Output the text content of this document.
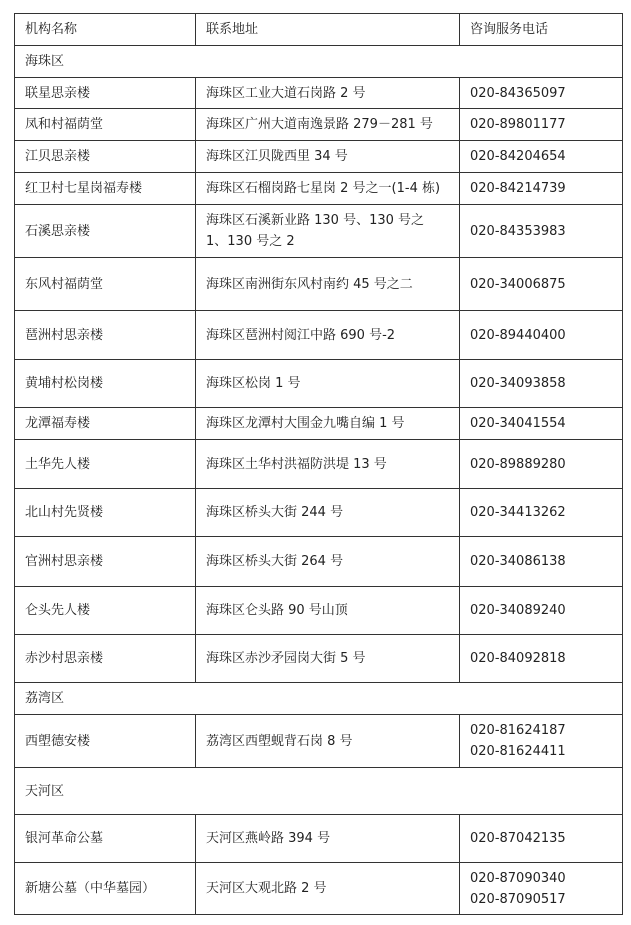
机构名称	联系地址	咨询服务电话
海珠区		
联星思亲楼	海珠区工业大道石岗路 2 号	020-84365097

凤和村福荫堂	海珠区广州大道南逸景路 279－281 号	020-89801177

江贝思亲楼	海珠区江贝陇西里 34 号	020-84204654

红卫村七星岗福寿楼	海珠区石榴岗路七星岗 2 号之一(1-4 栋)	020-84214739

石溪思亲楼	海珠区石溪新业路 130 号、130 号之 1、130 号之 2	020-84353983

东风村福荫堂	海珠区南洲街东风村南约 45 号之二	020-34006875

琶洲村思亲楼	海珠区琶洲村阅江中路 690 号-2	020-89440400

黄埔村松岗楼	海珠区松岗 1 号	020-34093858

龙潭福寿楼	海珠区龙潭村大围金九嘴自编 1 号	020-34041554

土华先人楼	海珠区土华村洪福防洪堤 13 号	020-89889280

北山村先贤楼	海珠区桥头大街 244 号	020-34413262

官洲村思亲楼	海珠区桥头大街 264 号	020-34086138

仑头先人楼	海珠区仑头路 90 号山顶	020-34089240

赤沙村思亲楼	海珠区赤沙矛园岗大街 5 号	020-84092818

荔湾区		
西塱德安楼	荔湾区西塱蚬背石岗 8 号	020-81624187
020-81624411

天河区		
银河革命公墓	天河区燕岭路 394 号	020-87042135

新塘公墓（中华墓园）	天河区大观北路 2 号	020-87090340
020-87090517
